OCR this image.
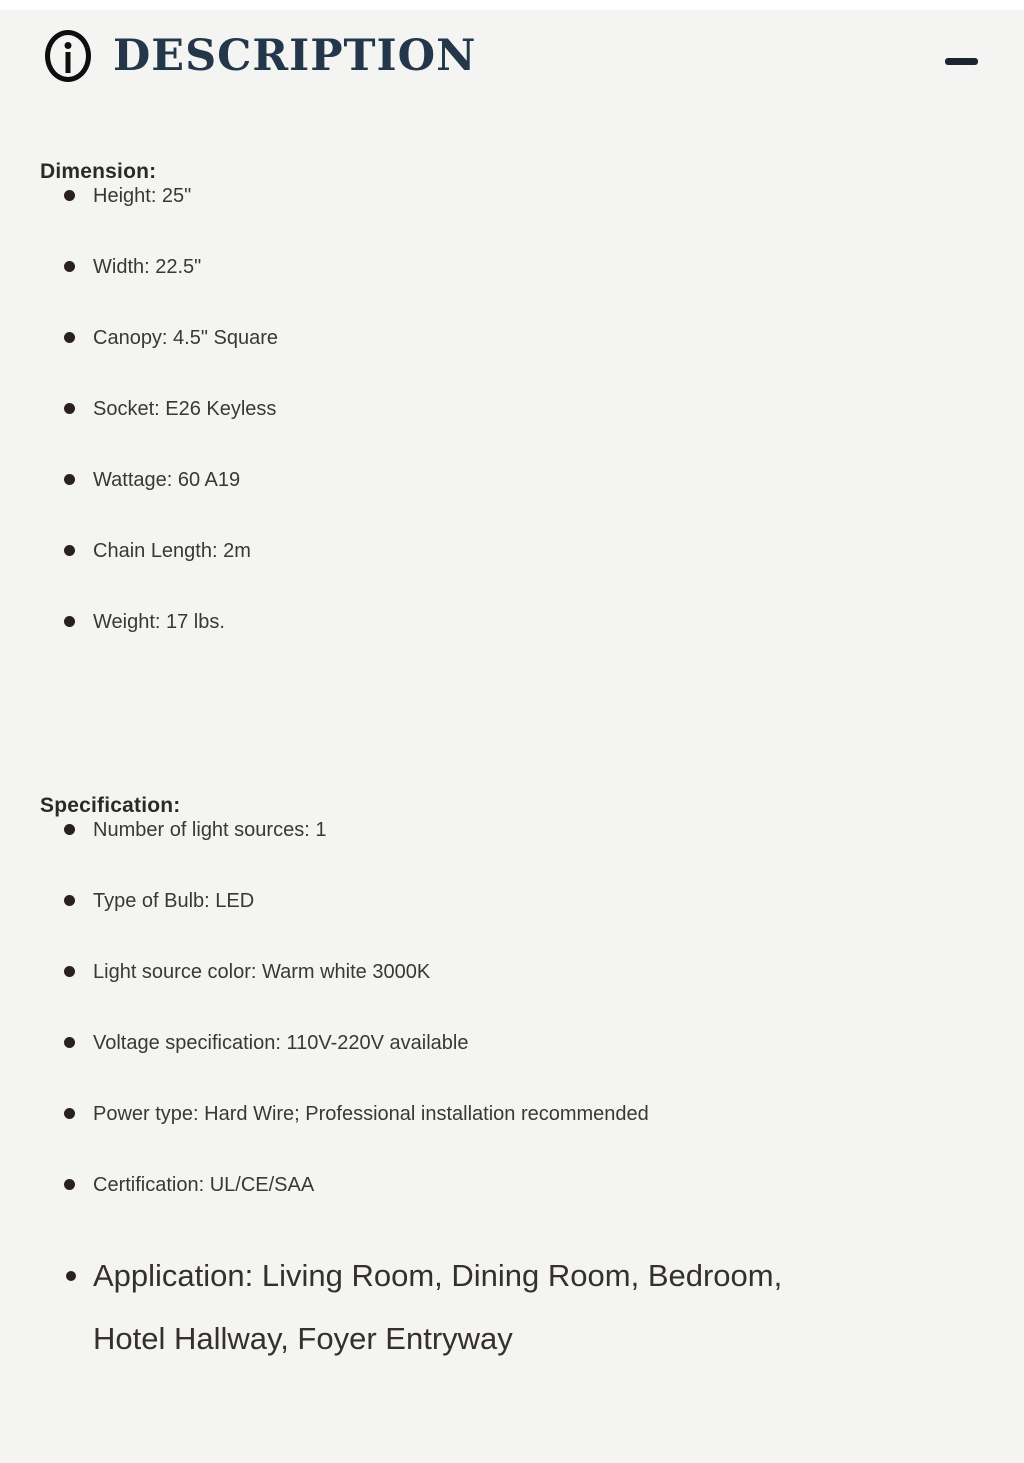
DESCRIPTION
Dimension:
Height: 25"
Width: 22.5"
Canopy: 4.5" Square
Socket: E26 Keyless
Wattage: 60 A19
Chain Length: 2m
Weight: 17 lbs.
Specification:
Number of light sources: 1
Type of Bulb: LED
Light source color: Warm white 3000K
Voltage specification: 110V-220V available
Power type: Hard Wire; Professional installation recommended
Certification: UL/CE/SAA
Application: Living Room, Dining Room, Bedroom, Hotel Hallway, Foyer Entryway
